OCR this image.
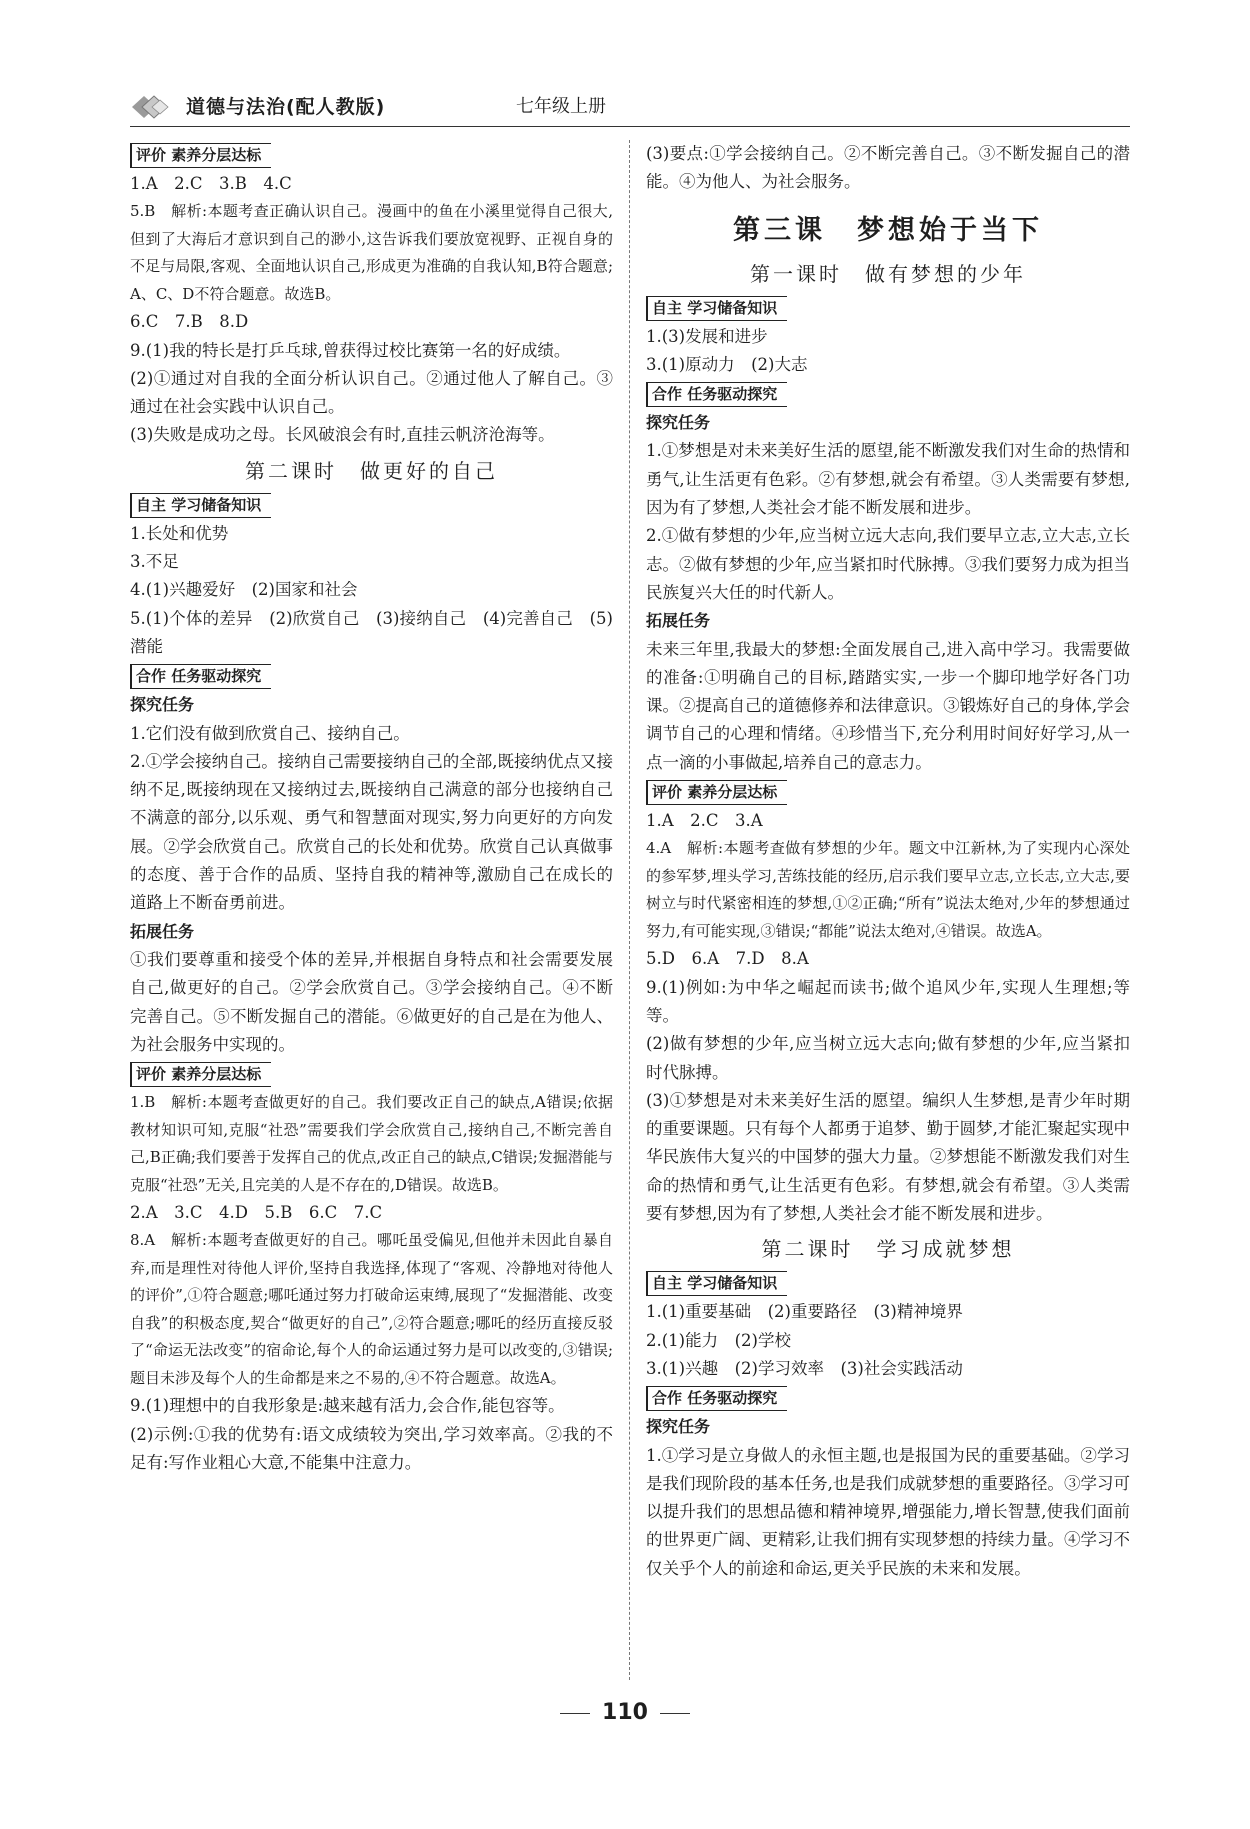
道德与法治(配人教版)	七年级上册
评价 素养分层达标

1.A　2.C　3.B　4.C

5.B　解析:本题考查正确认识自己。漫画中的鱼在小溪里觉得自己很大,但到了大海后才意识到自己的渺小,这告诉我们要放宽视野、正视自身的不足与局限,客观、全面地认识自己,形成更为准确的自我认知,B符合题意;A、C、D不符合题意。故选B。

6.C　7.B　8.D

9.(1)我的特长是打乒乓球,曾获得过校比赛第一名的好成绩。

(2)①通过对自我的全面分析认识自己。②通过他人了解自己。③通过在社会实践中认识自己。

(3)失败是成功之母。长风破浪会有时,直挂云帆济沧海等。

第二课时　做更好的自己
自主 学习储备知识

1.长处和优势

3.不足

4.(1)兴趣爱好　(2)国家和社会

5.(1)个体的差异　(2)欣赏自己　(3)接纳自己　(4)完善自己　(5)潜能

合作 任务驱动探究

探究任务

1.它们没有做到欣赏自己、接纳自己。

2.①学会接纳自己。接纳自己需要接纳自己的全部,既接纳优点又接纳不足,既接纳现在又接纳过去,既接纳自己满意的部分也接纳自己不满意的部分,以乐观、勇气和智慧面对现实,努力向更好的方向发展。②学会欣赏自己。欣赏自己的长处和优势。欣赏自己认真做事的态度、善于合作的品质、坚持自我的精神等,激励自己在成长的道路上不断奋勇前进。

拓展任务

①我们要尊重和接受个体的差异,并根据自身特点和社会需要发展自己,做更好的自己。②学会欣赏自己。③学会接纳自己。④不断完善自己。⑤不断发掘自己的潜能。⑥做更好的自己是在为他人、为社会服务中实现的。

评价 素养分层达标

1.B　解析:本题考查做更好的自己。我们要改正自己的缺点,A错误;依据教材知识可知,克服“社恐”需要我们学会欣赏自己,接纳自己,不断完善自己,B正确;我们要善于发挥自己的优点,改正自己的缺点,C错误;发掘潜能与克服“社恐”无关,且完美的人是不存在的,D错误。故选B。

2.A　3.C　4.D　5.B　6.C　7.C

8.A　解析:本题考查做更好的自己。哪吒虽受偏见,但他并未因此自暴自弃,而是理性对待他人评价,坚持自我选择,体现了“客观、冷静地对待他人的评价”,①符合题意;哪吒通过努力打破命运束缚,展现了“发掘潜能、改变自我”的积极态度,契合“做更好的自己”,②符合题意;哪吒的经历直接反驳了“命运无法改变”的宿命论,每个人的命运通过努力是可以改变的,③错误;题目未涉及每个人的生命都是来之不易的,④不符合题意。故选A。

9.(1)理想中的自我形象是:越来越有活力,会合作,能包容等。

(2)示例:①我的优势有:语文成绩较为突出,学习效率高。②我的不足有:写作业粗心大意,不能集中注意力。

(3)要点:①学会接纳自己。②不断完善自己。③不断发掘自己的潜能。④为他人、为社会服务。

第三课　梦想始于当下
第一课时　做有梦想的少年
自主 学习储备知识

1.(3)发展和进步

3.(1)原动力　(2)大志

合作 任务驱动探究

探究任务

1.①梦想是对未来美好生活的愿望,能不断激发我们对生命的热情和勇气,让生活更有色彩。②有梦想,就会有希望。③人类需要有梦想,因为有了梦想,人类社会才能不断发展和进步。

2.①做有梦想的少年,应当树立远大志向,我们要早立志,立大志,立长志。②做有梦想的少年,应当紧扣时代脉搏。③我们要努力成为担当民族复兴大任的时代新人。

拓展任务

未来三年里,我最大的梦想:全面发展自己,进入高中学习。我需要做的准备:①明确自己的目标,踏踏实实,一步一个脚印地学好各门功课。②提高自己的道德修养和法律意识。③锻炼好自己的身体,学会调节自己的心理和情绪。④珍惜当下,充分利用时间好好学习,从一点一滴的小事做起,培养自己的意志力。

评价 素养分层达标

1.A　2.C　3.A

4.A　解析:本题考查做有梦想的少年。题文中江新林,为了实现内心深处的参军梦,埋头学习,苦练技能的经历,启示我们要早立志,立长志,立大志,要树立与时代紧密相连的梦想,①②正确;“所有”说法太绝对,少年的梦想通过努力,有可能实现,③错误;“都能”说法太绝对,④错误。故选A。

5.D　6.A　7.D　8.A

9.(1)例如:为中华之崛起而读书;做个追风少年,实现人生理想;等等。

(2)做有梦想的少年,应当树立远大志向;做有梦想的少年,应当紧扣时代脉搏。

(3)①梦想是对未来美好生活的愿望。编织人生梦想,是青少年时期的重要课题。只有每个人都勇于追梦、勤于圆梦,才能汇聚起实现中华民族伟大复兴的中国梦的强大力量。②梦想能不断激发我们对生命的热情和勇气,让生活更有色彩。有梦想,就会有希望。③人类需要有梦想,因为有了梦想,人类社会才能不断发展和进步。

第二课时　学习成就梦想
自主 学习储备知识

1.(1)重要基础　(2)重要路径　(3)精神境界

2.(1)能力　(2)学校

3.(1)兴趣　(2)学习效率　(3)社会实践活动

合作 任务驱动探究

探究任务

1.①学习是立身做人的永恒主题,也是报国为民的重要基础。②学习是我们现阶段的基本任务,也是我们成就梦想的重要路径。③学习可以提升我们的思想品德和精神境界,增强能力,增长智慧,使我们面前的世界更广阔、更精彩,让我们拥有实现梦想的持续力量。④学习不仅关乎个人的前途和命运,更关乎民族的未来和发展。

110
